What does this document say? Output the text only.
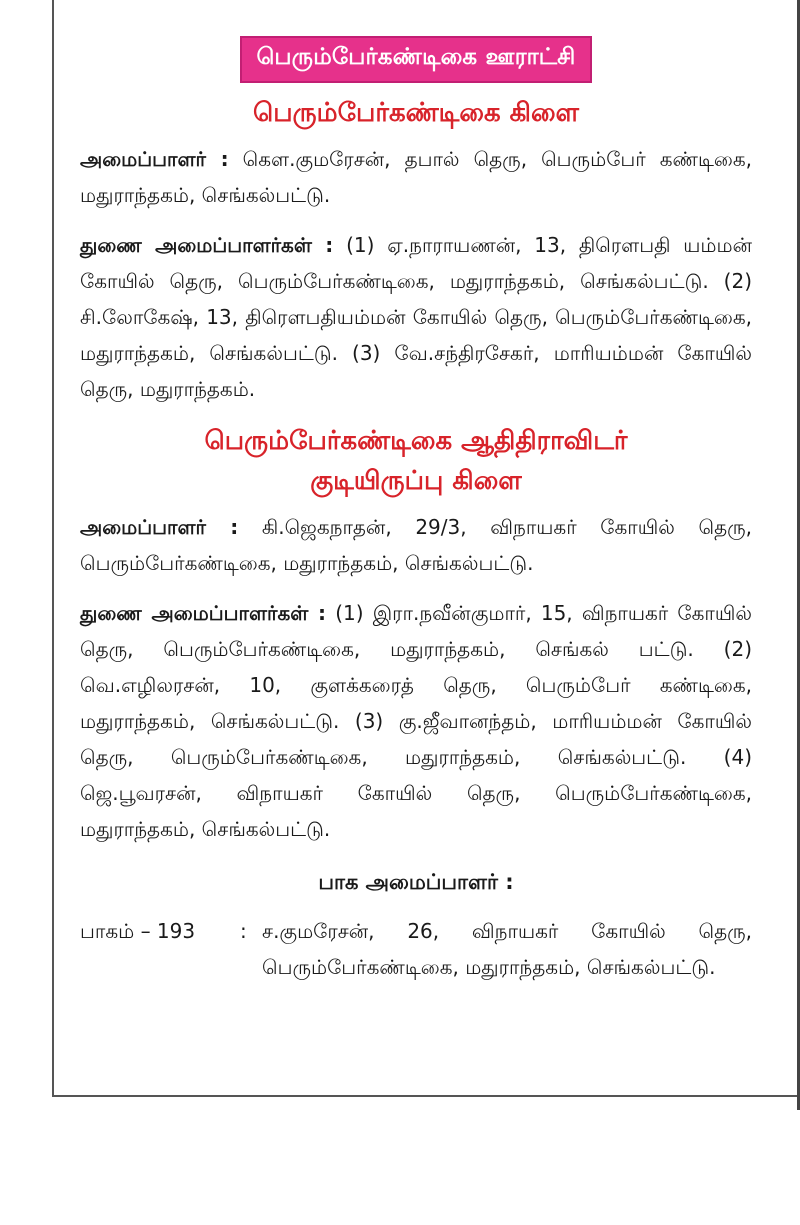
பெரும்பேர்கண்டிகை ஊராட்சி
பெரும்பேர்கண்டிகை கிளை

அமைப்பாளர் : கௌ.குமரேசன், தபால் தெரு, பெரும்பேர் கண்டிகை, மதுராந்தகம், செங்கல்பட்டு.

துணை அமைப்பாளர்கள் : (1) ஏ.நாராயணன், 13, திரௌபதி யம்மன் கோயில் தெரு, பெரும்பேர்கண்டிகை, மதுராந்தகம், செங்கல்பட்டு. (2) சி.லோகேஷ், 13, திரௌபதியம்மன் கோயில் தெரு, பெரும்பேர்கண்டிகை, மதுராந்தகம், செங்கல்பட்டு. (3) வே.சந்திரசேகர், மாரியம்மன் கோயில் தெரு, மதுராந்தகம்.

பெரும்பேர்கண்டிகை ஆதிதிராவிடர்
குடியிருப்பு கிளை

அமைப்பாளர் : கி.ஜெகநாதன், 29/3, விநாயகர் கோயில் தெரு, பெரும்பேர்கண்டிகை, மதுராந்தகம், செங்கல்பட்டு.

துணை அமைப்பாளர்கள் : (1) இரா.நவீன்குமார், 15, விநாயகர் கோயில் தெரு, பெரும்பேர்கண்டிகை, மதுராந்தகம், செங்கல் பட்டு. (2) வெ.எழிலரசன், 10, குளக்கரைத் தெரு, பெரும்பேர் கண்டிகை, மதுராந்தகம், செங்கல்பட்டு. (3) கு.ஜீவானந்தம், மாரியம்மன் கோயில் தெரு, பெரும்பேர்கண்டிகை, மதுராந்தகம், செங்கல்பட்டு. (4) ஜெ.பூவரசன், விநாயகர் கோயில் தெரு, பெரும்பேர்கண்டிகை, மதுராந்தகம், செங்கல்பட்டு.

பாக அமைப்பாளர் :
பாகம் – 193	: ச.குமரேசன், 26, விநாயகர் கோயில் தெரு, பெரும்பேர்கண்டிகை, மதுராந்தகம், செங்கல்பட்டு.
